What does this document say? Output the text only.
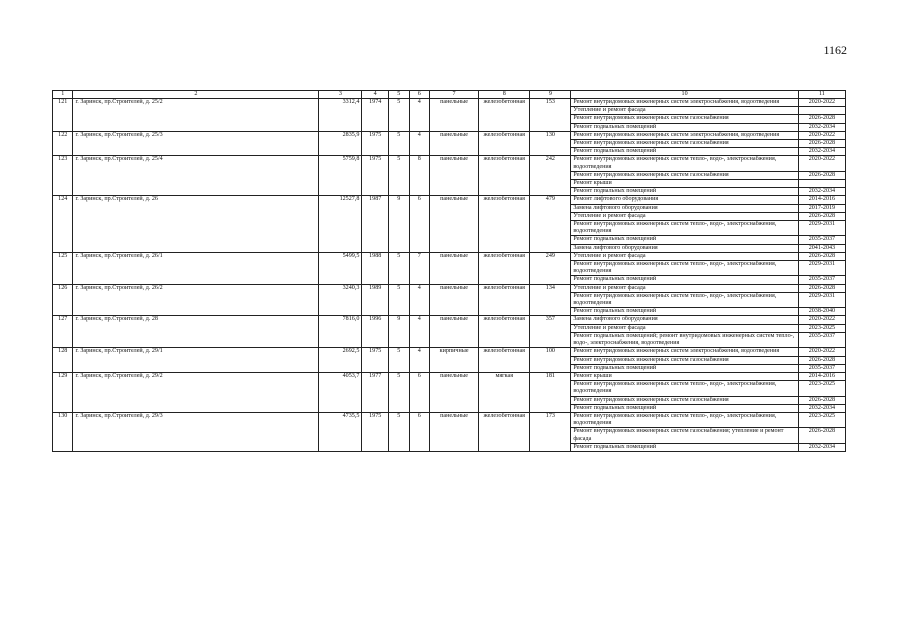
1162
1	2	3	4	5	6	7	8	9	10	11
121	г. Заринск, пр.Строителей, д. 25/2	3312,4	1974	5	4	панельные	железобетонная	153	Ремонт внутридомовых инженерных систем электроснабжения, водоотведения	2020-2022
									Утепление и ремонт фасада	
									Ремонт внутридомовых инженерных систем газоснабжения	2026-2028
									Ремонт подвальных помещений	2032-2034
122	г. Заринск, пр.Строителей, д. 25/3	2835,9	1975	5	4	панельные	железобетонная	130	Ремонт внутридомовых инженерных систем электроснабжения, водоотведения	2020-2022
									Ремонт внутридомовых инженерных систем газоснабжения	2026-2028
									Ремонт подвальных помещений	2032-2034
123	г. Заринск, пр.Строителей, д. 25/4	5759,8	1975	5	8	панельные	железобетонная	242	Ремонт внутридомовых инженерных систем тепло-, водо-, электроснабжения, водоотведения	2020-2022
									Ремонт внутридомовых инженерных систем газоснабжения	2026-2028
									Ремонт крыши	
									Ремонт подвальных помещений	2032-2034
124	г. Заринск, пр.Строителей, д. 26	12527,8	1987	9	6	панельные	железобетонная	479	Ремонт лифтового оборудования	2014-2016
									Замена лифтового оборудования	2017-2019
									Утепление и ремонт фасада	2026-2028
									Ремонт внутридомовых инженерных систем тепло-, водо-, электроснабжения, водоотведения	2029-2031
									Ремонт подвальных помещений	2035-2037
									Замена лифтового оборудования	2041-2043
125	г. Заринск, пр.Строителей, д. 26/1	5499,5	1988	5	7	панельные	железобетонная	249	Утепление и ремонт фасада	2026-2028
									Ремонт внутридомовых инженерных систем тепло-, водо-, электроснабжения, водоотведения	2029-2031
									Ремонт подвальных помещений	2035-2037
126	г. Заринск, пр.Строителей, д. 26/2	3240,3	1989	5	4	панельные	железобетонная	134	Утепление и ремонт фасада	2026-2028
									Ремонт внутридомовых инженерных систем тепло-, водо-, электроснабжения, водоотведения	2029-2031
									Ремонт подвальных помещений	2038-2040
127	г. Заринск, пр.Строителей, д. 28	7816,0	1996	9	4	панельные	железобетонная	357	Замена лифтового оборудования	2020-2022
									Утепление и ремонт фасада	2023-2025
									Ремонт подвальных помещений; ремонт внутридомовых инженерных систем тепло-, водо-, электроснабжения, водоотведения	2035-2037
128	г. Заринск, пр.Строителей, д. 29/1	2692,5	1975	5	4	кирпичные	железобетонная	100	Ремонт внутридомовых инженерных систем электроснабжения, водоотведения	2020-2022
									Ремонт внутридомовых инженерных систем газоснабжения	2026-2028
									Ремонт подвальных помещений	2035-2037
129	г. Заринск, пр.Строителей, д. 29/2	4053,7	1977	5	6	панельные	мягкая	181	Ремонт крыши	2014-2016
									Ремонт внутридомовых инженерных систем тепло-, водо-, электроснабжения, водоотведения	2023-2025
									Ремонт внутридомовых инженерных систем газоснабжения	2026-2028
									Ремонт подвальных помещений	2032-2034
130	г. Заринск, пр.Строителей, д. 29/3	4735,5	1975	5	6	панельные	железобетонная	173	Ремонт внутридомовых инженерных систем тепло-, водо-, электроснабжения, водоотведения	2023-2025
									Ремонт внутридомовых инженерных систем газоснабжения; утепление и ремонт фасада	2026-2028
									Ремонт подвальных помещений	2032-2034
